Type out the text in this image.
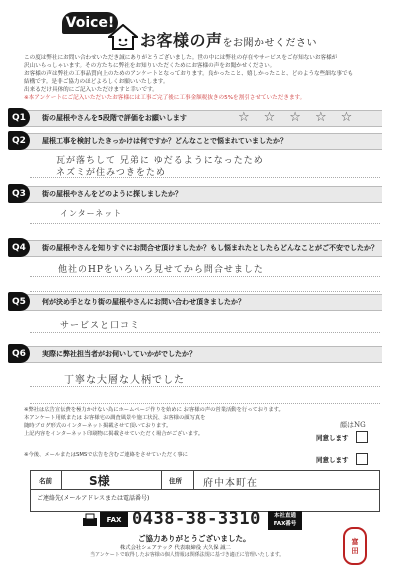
Voice!
お客様の声をお聞かせください
この度は弊社にお問い合わせいただき誠にありがとうございました。世の中には弊社の存在やサービスをご存知ないお客様が
沢山いらっしゃいます。その方たちに弊社をお知りいただくためにお客様の声をお聞かせください。
お客様の声は弊社の工事品質向上のためのアンケートとなっております。良かったこと、嬉しかったこと、どのような些細な事でも
結構です。是非ご協力のほどよろしくお願いいたします。
出来るだけ具体的にご記入いただけますと幸いです。
※本アンケートにご記入いただいたお客様には工事ご完了後に工事金額税抜きの5%を割引させていただきます。
Q1	街の屋根やさんを5段階で評価をお願いします	☆☆☆☆☆
Q2	屋根工事を検討したきっかけは何ですか？どんなことで悩まれていましたか？
瓦が落ちして 兄弟に ゆだるようになったため
ネズミが住みつきをため
Q3	街の屋根やさんをどのように探しましたか？
インターネット
Q4	街の屋根やさんを知りすぐにお問合せ頂けましたか？もし悩まれたとしたらどんなことがご不安でしたか？
他社のHPをいろいろ見せてから問合せました
Q5	何が決め手となり街の屋根やさんにお問い合わせ頂きましたか？
サービスと口コミ
Q6	実際に弊社担当者がお伺いしていかがでしたか？
丁寧な大層な人柄でした
※弊社は広告宣伝費を極力かけない為にホームページ作りを始めに お客様の声の営業活動を行っております。
本アンケート用紙または お客様宅の調査風景や施工状況、お客様の顔写真を
随時ブログ形式のインターネット掲載させて頂いております。
上記内容をインターネット印刷物に掲載させていただく場合がございます。
顔はNG
同意します
※今後、メールまたはSMSで広告を含むご連絡をさせていただく事に
同意します
名前	S様	住所 府中本町在
ご連絡先(メールアドレスまたは電話番号)
FAX 0438-38-3310	本社直通
FAX番号
ご協力ありがとうございました。
株式会社シェアテック 代表取締役 大久保 誠二
当アンケートで取得したお客様の個人情報は関係法規に基づき適正に管理いたします。
富
田
